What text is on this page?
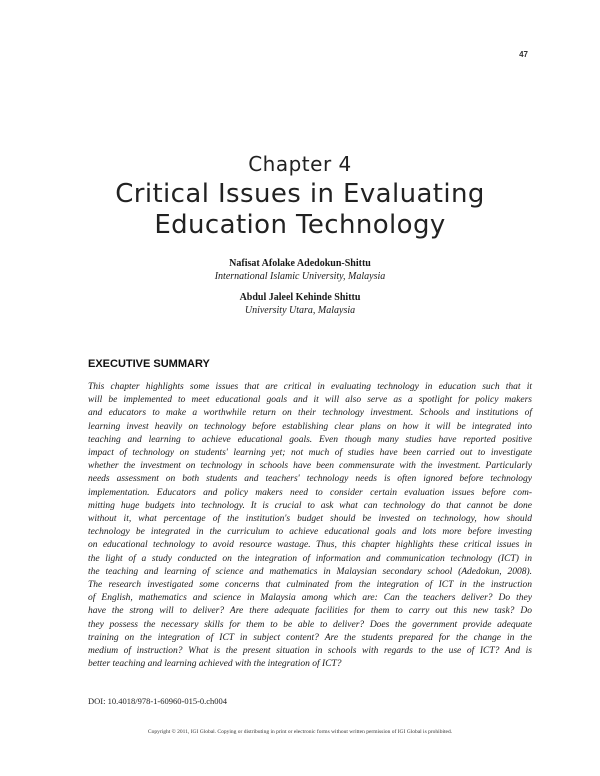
47
Chapter 4
Critical Issues in Evaluating
Education Technology
Nafisat Afolake Adedokun-Shittu
International Islamic University, Malaysia
Abdul Jaleel Kehinde Shittu
University Utara, Malaysia
EXECUTIVE SUMMARY
This chapter highlights some issues that are critical in evaluating technology in education such that it
will be implemented to meet educational goals and it will also serve as a spotlight for policy makers
and educators to make a worthwhile return on their technology investment. Schools and institutions of
learning invest heavily on technology before establishing clear plans on how it will be integrated into
teaching and learning to achieve educational goals. Even though many studies have reported positive
impact of technology on students' learning yet; not much of studies have been carried out to investigate
whether the investment on technology in schools have been commensurate with the investment. Particularly
needs assessment on both students and teachers' technology needs is often ignored before technology
implementation. Educators and policy makers need to consider certain evaluation issues before com-
mitting huge budgets into technology. It is crucial to ask what can technology do that cannot be done
without it, what percentage of the institution's budget should be invested on technology, how should
technology be integrated in the curriculum to achieve educational goals and lots more before investing
on educational technology to avoid resource wastage. Thus, this chapter highlights these critical issues in
the light of a study conducted on the integration of information and communication technology (ICT) in
the teaching and learning of science and mathematics in Malaysian secondary school (Adedokun, 2008).
The research investigated some concerns that culminated from the integration of ICT in the instruction
of English, mathematics and science in Malaysia among which are: Can the teachers deliver? Do they
have the strong will to deliver? Are there adequate facilities for them to carry out this new task? Do
they possess the necessary skills for them to be able to deliver? Does the government provide adequate
training on the integration of ICT in subject content? Are the students prepared for the change in the
medium of instruction? What is the present situation in schools with regards to the use of ICT? And is
better teaching and learning achieved with the integration of ICT?
DOI: 10.4018/978-1-60960-015-0.ch004
Copyright © 2011, IGI Global. Copying or distributing in print or electronic forms without written permission of IGI Global is prohibited.
